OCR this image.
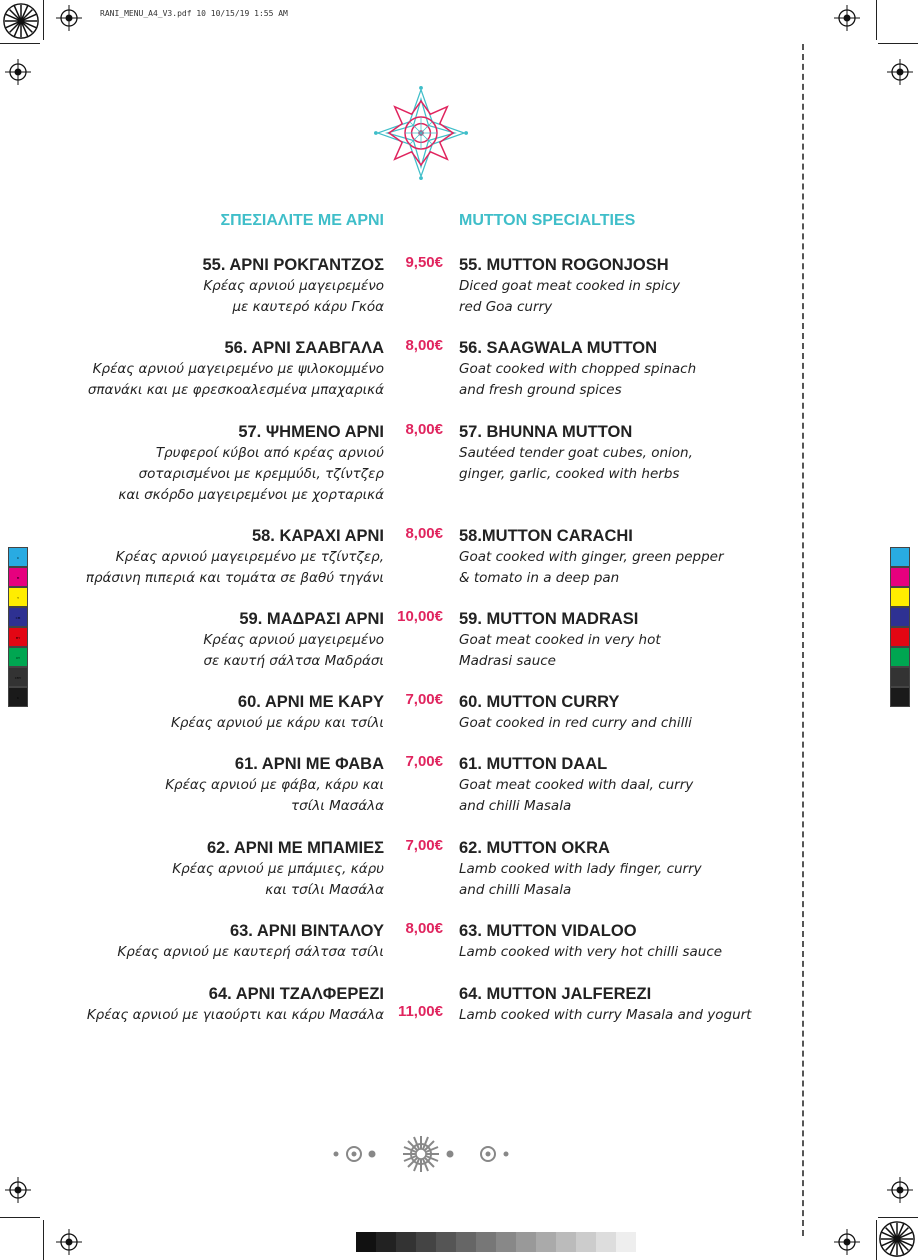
RANI_MENU_A4_V3.pdf 10 10/15/19 1:55 AM
ΣΠΕΣΙΑΛΙΤΕ ΜΕ ΑΡΝΙ	MUTTON SPECIALTIES
55. ΑΡΝΙ ΡΟΚΓΑΝΤΖΟΣ
Κρέας αρνιού μαγειρεμένο
με καυτερό κάρυ Γκόα
9,50€ 55. MUTTON ROGONJOSH
Diced goat meat cooked in spicy
red Goa curry
56. ΑΡΝΙ ΣΑΑΒΓΑΛΑ
Κρέας αρνιού μαγειρεμένο με ψιλοκομμένο
σπανάκι και με φρεσκοαλεσμένα μπαχαρικά
8,00€ 56. SAAGWALA MUTTON
Goat cooked with chopped spinach
and fresh ground spices
57. ΨΗΜΕΝΟ ΑΡΝΙ
Τρυφεροί κύβοι από κρέας αρνιού
σοταρισμένοι με κρεμμύδι, τζίντζερ
και σκόρδο μαγειρεμένοι με χορταρικά
8,00€ 57. BHUNNA MUTTON
Sautéed tender goat cubes, onion,
ginger, garlic, cooked with herbs
58. ΚΑΡΑΧΙ ΑΡΝΙ
Κρέας αρνιού μαγειρεμένο με τζίντζερ,
πράσινη πιπεριά και τομάτα σε βαθύ τηγάνι
8,00€ 58.MUTTON CARACHI
Goat cooked with ginger, green pepper
& tomato in a deep pan
59. ΜΑΔΡΑΣΙ ΑΡΝΙ
Κρέας αρνιού μαγειρεμένο
σε καυτή σάλτσα Μαδράσι
10,00€ 59. MUTTON MADRASI
Goat meat cooked in very hot
Madrasi sauce
60. ΑΡΝΙ ΜΕ ΚΑΡΥ
Κρέας αρνιού με κάρυ και τσίλι
7,00€ 60. MUTTON CURRY
Goat cooked in red curry and chilli
61. ΑΡΝΙ ΜΕ ΦΑΒΑ
Κρέας αρνιού με φάβα, κάρυ και
τσίλι Μασάλα
7,00€ 61. MUTTON DAAL
Goat meat cooked with daal, curry
and chilli Masala
62. ΑΡΝΙ ΜΕ ΜΠΑΜΙΕΣ
Κρέας αρνιού με μπάμιες, κάρυ
και τσίλι Μασάλα
7,00€ 62. MUTTON OKRA
Lamb cooked with lady finger, curry
and chilli Masala
63. ΑΡΝΙ ΒΙΝΤΑΛΟΥ
Κρέας αρνιού με καυτερή σάλτσα τσίλι
8,00€ 63. MUTTON VIDALOO
Lamb cooked with very hot chilli sauce
64. ΑΡΝΙ ΤΖΑΛΦΕΡΕΖΙ
Κρέας αρνιού με γιαούρτι και κάρυ Μασάλα 11,00€
64. MUTTON JALFEREZI
Lamb cooked with curry Masala and yogurt
C
M
Y
CM
MY
CY
CMY
K
